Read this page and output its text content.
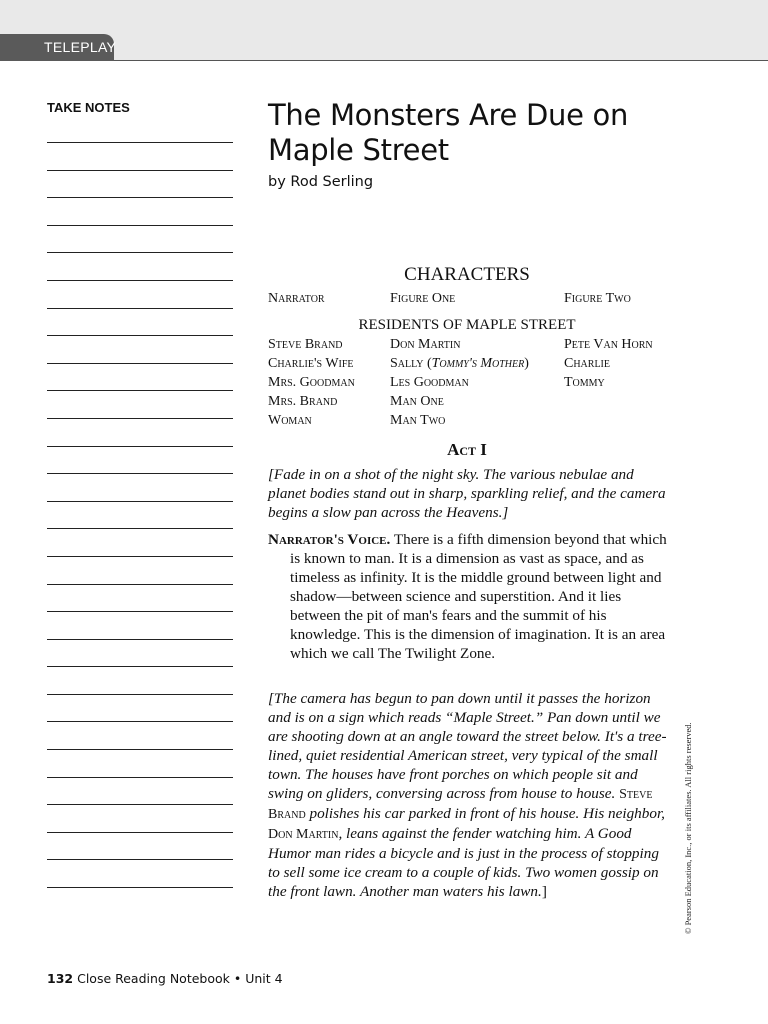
TELEPLAY
TAKE NOTES	The Monsters Are Due on Maple Street
by Rod Serling
CHARACTERS
Narrator	Figure One	Figure Two
RESIDENTS OF MAPLE STREET
Steve Brand	Don Martin	Pete Van Horn
Charlie's Wife	Sally (Tommy's Mother)	Charlie
Mrs. Goodman	Les Goodman	Tommy
Mrs. Brand	Man One
Woman	Man Two
Act I

[Fade in on a shot of the night sky. The various nebulae and planet bodies stand out in sharp, sparkling relief, and the camera begins a slow pan across the Heavens.]

Narrator's Voice. There is a fifth dimension beyond that which is known to man. It is a dimension as vast as space, and as timeless as infinity. It is the middle ground between light and shadow—between science and superstition. And it lies between the pit of man's fears and the summit of his knowledge. This is the dimension of imagination. It is an area which we call The Twilight Zone.

[The camera has begun to pan down until it passes the horizon and is on a sign which reads “Maple Street.” Pan down until we are shooting down at an angle toward the street below. It's a tree-lined, quiet residential American street, very typical of the small town. The houses have front porches on which people sit and swing on gliders, conversing across from house to house. Steve Brand polishes his car parked in front of his house. His neighbor, Don Martin, leans against the fender watching him. A Good Humor man rides a bicycle and is just in the process of stopping to sell some ice cream to a couple of kids. Two women gossip on the front lawn. Another man waters his lawn.]	© Pearson Education, Inc., or its affiliates. All rights reserved.
132 Close Reading Notebook • Unit 4
